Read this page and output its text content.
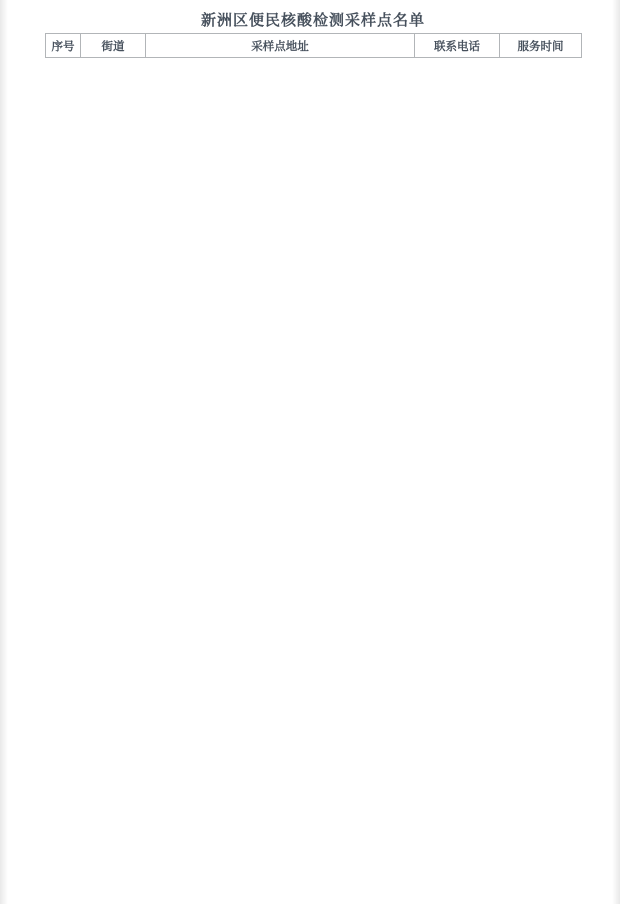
新洲区便民核酸检测采样点名单
序号	街道	采样点地址	联系电话	服务时间
